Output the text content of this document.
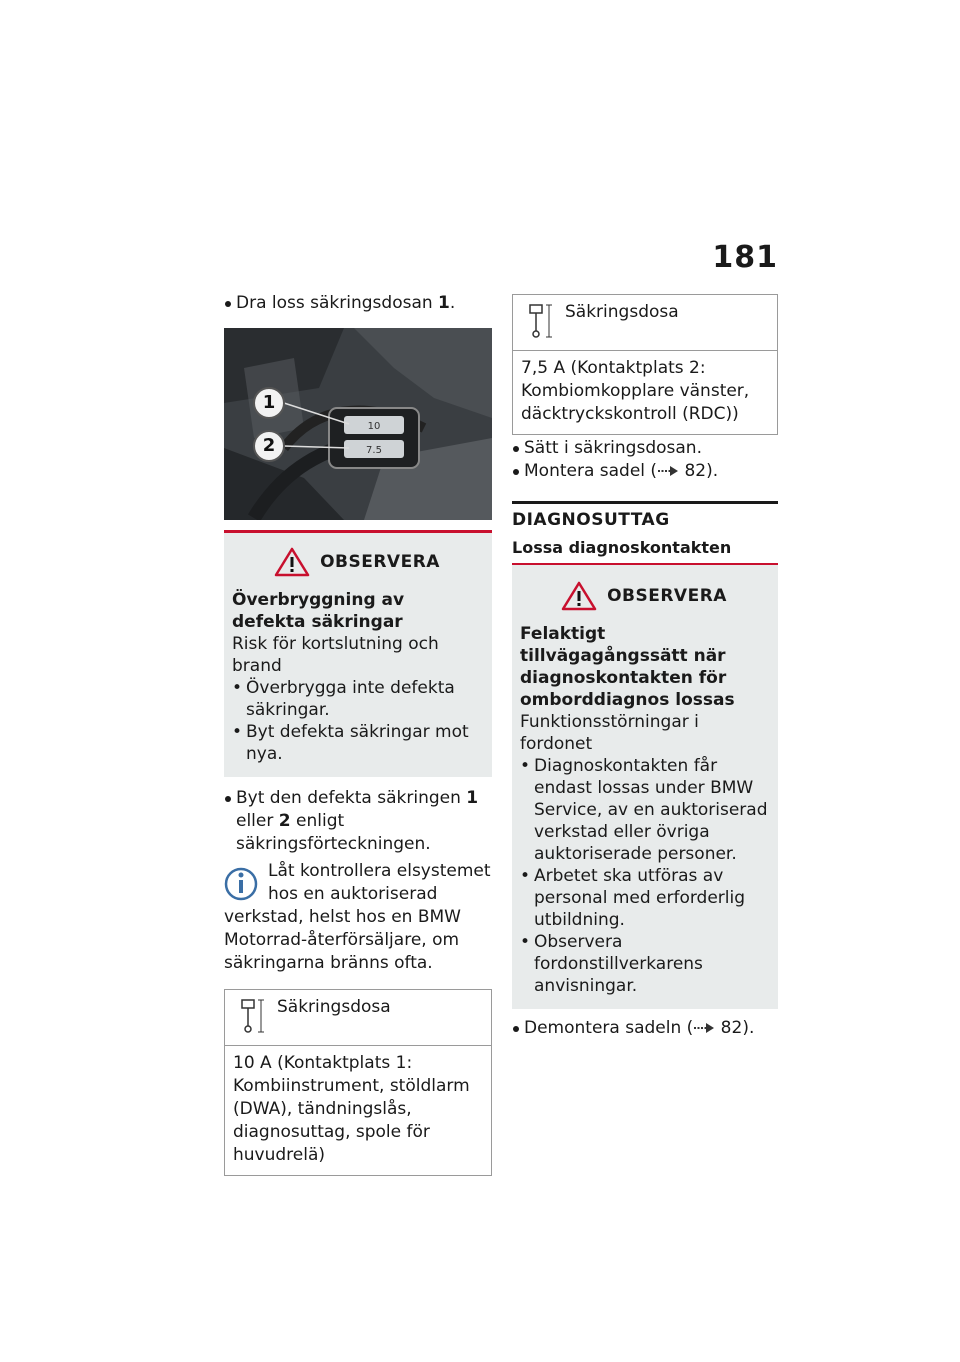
181
Dra loss säkringsdosan 1.
10
7.5
1
2
OBSERVERA
Överbryggning av defekta säkringar
Risk för kortslutning och brand
• Överbrygga inte defekta säkringar.
• Byt defekta säkringar mot nya.
Byt den defekta säkringen 1 eller 2 enligt säkringsförteckningen.
Låt kontrollera elsystemet hos en auktoriserad verkstad, helst hos en BMW Motorrad-återförsäljare, om säkringarna bränns ofta.
Säkringsdosa
10 A (Kontaktplats 1: Kombiinstrument, stöldlarm (DWA), tändningslås, diagnosuttag, spole för huvudrelä)
Säkringsdosa
7,5 A (Kontaktplats 2: Kombiomkopplare vänster, däcktryckskontroll (RDC))
Sätt i säkringsdosan.
Montera sadel ( 82).
DIAGNOSUTTAG
Lossa diagnoskontakten
OBSERVERA
Felaktigt tillvägagångssätt när diagnoskontakten för omborddiagnos lossas
Funktionsstörningar i fordonet
• Diagnoskontakten får endast lossas under BMW Service, av en auktoriserad verkstad eller övriga auktoriserade personer.
• Arbetet ska utföras av personal med erforderlig utbildning.
• Observera fordonstillverkarens anvisningar.
Demontera sadeln ( 82).
